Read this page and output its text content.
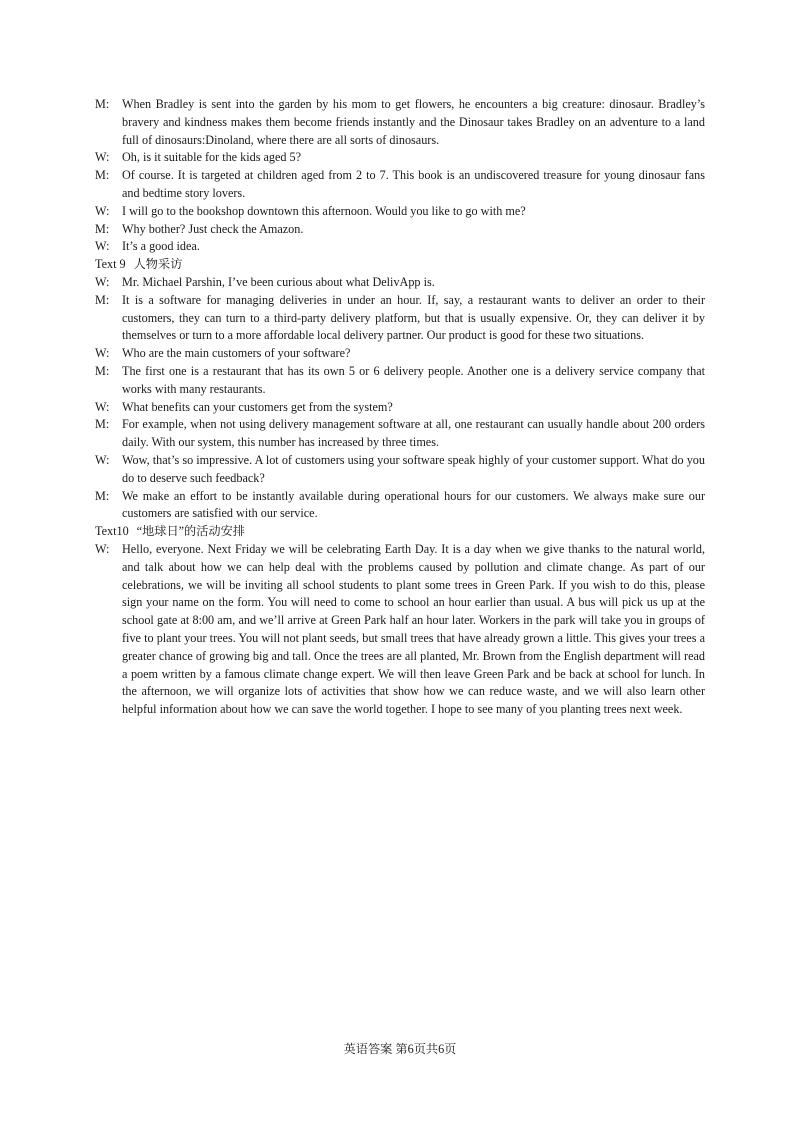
M: When Bradley is sent into the garden by his mom to get flowers, he encounters a big creature: dinosaur. Bradley’s bravery and kindness makes them become friends instantly and the Dinosaur takes Bradley on an adventure to a land full of dinosaurs:Dinoland, where there are all sorts of dinosaurs.
W: Oh, is it suitable for the kids aged 5?
M: Of course. It is targeted at children aged from 2 to 7. This book is an undiscovered treasure for young dinosaur fans and bedtime story lovers.
W: I will go to the bookshop downtown this afternoon. Would you like to go with me?
M: Why bother? Just check the Amazon.
W: It’s a good idea.
Text 9 人物采访
W: Mr. Michael Parshin, I’ve been curious about what DelivApp is.
M: It is a software for managing deliveries in under an hour. If, say, a restaurant wants to deliver an order to their customers, they can turn to a third-party delivery platform, but that is usually expensive. Or, they can deliver it by themselves or turn to a more affordable local delivery partner. Our product is good for these two situations.
W: Who are the main customers of your software?
M: The first one is a restaurant that has its own 5 or 6 delivery people. Another one is a delivery service company that works with many restaurants.
W: What benefits can your customers get from the system?
M: For example, when not using delivery management software at all, one restaurant can usually handle about 200 orders daily. With our system, this number has increased by three times.
W: Wow, that’s so impressive. A lot of customers using your software speak highly of your customer support. What do you do to deserve such feedback?
M: We make an effort to be instantly available during operational hours for our customers. We always make sure our customers are satisfied with our service.
Text10 “地球日”的活动安排
W: Hello, everyone. Next Friday we will be celebrating Earth Day. It is a day when we give thanks to the natural world, and talk about how we can help deal with the problems caused by pollution and climate change. As part of our celebrations, we will be inviting all school students to plant some trees in Green Park. If you wish to do this, please sign your name on the form. You will need to come to school an hour earlier than usual. A bus will pick us up at the school gate at 8:00 am, and we’ll arrive at Green Park half an hour later. Workers in the park will take you in groups of five to plant your trees. You will not plant seeds, but small trees that have already grown a little. This gives your trees a greater chance of growing big and tall. Once the trees are all planted, Mr. Brown from the English department will read a poem written by a famous climate change expert. We will then leave Green Park and be back at school for lunch. In the afternoon, we will organize lots of activities that show how we can reduce waste, and we will also learn other helpful information about how we can save the world together. I hope to see many of you planting trees next week.
英语答案 第6页共6页
